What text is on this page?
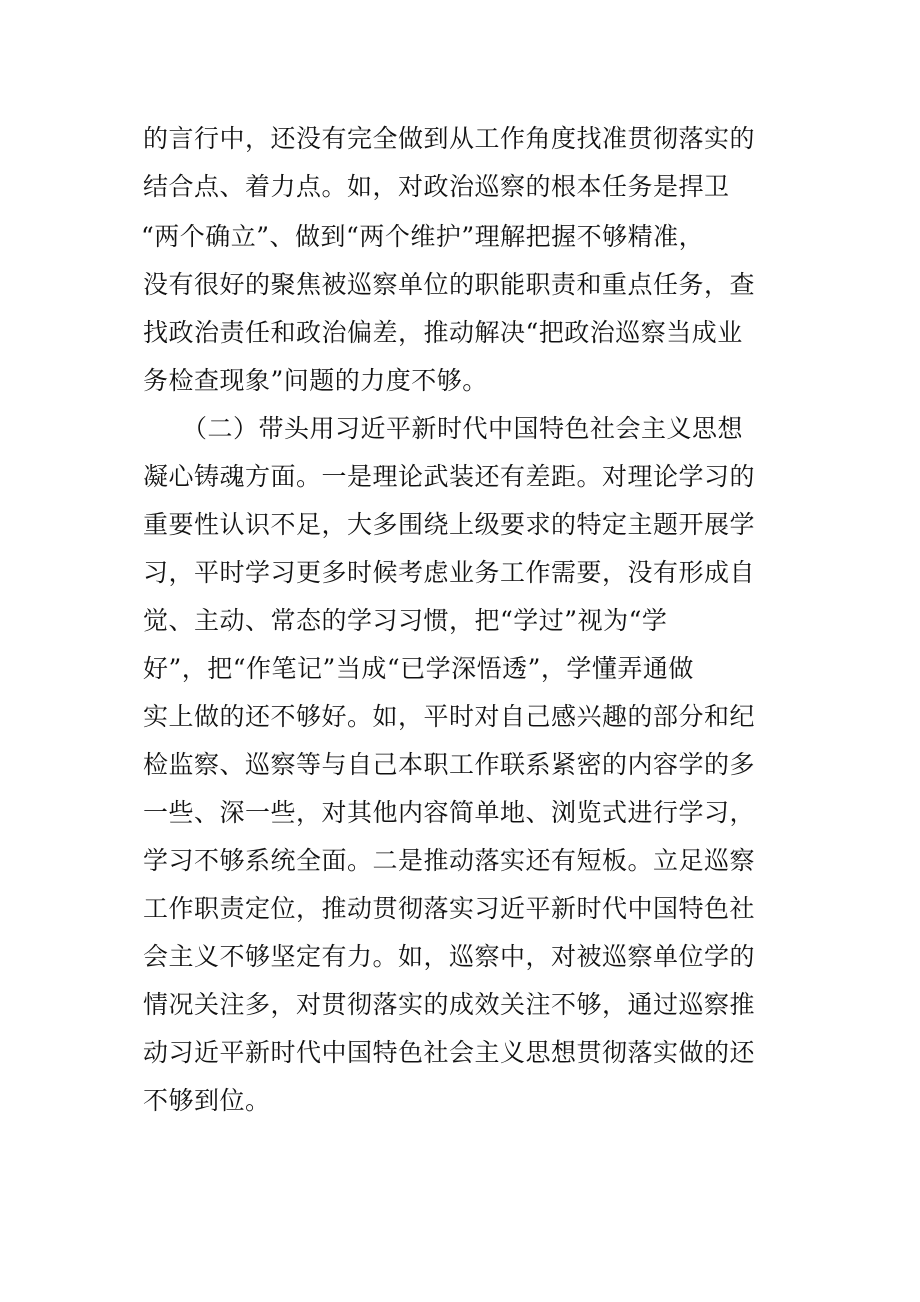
的言行中，还没有完全做到从工作角度找准贯彻落实的
结合点、着力点。如，对政治巡察的根本任务是捍卫
“两个确立”、做到“两个维护”理解把握不够精准，
没有很好的聚焦被巡察单位的职能职责和重点任务，查
找政治责任和政治偏差，推动解决“把政治巡察当成业
务检查现象”问题的力度不够。
（二）带头用习近平新时代中国特色社会主义思想
凝心铸魂方面。一是理论武装还有差距。对理论学习的
重要性认识不足，大多围绕上级要求的特定主题开展学
习，平时学习更多时候考虑业务工作需要，没有形成自
觉、主动、常态的学习习惯，把“学过”视为“学
好”，把“作笔记”当成“已学深悟透”，学懂弄通做
实上做的还不够好。如，平时对自己感兴趣的部分和纪
检监察、巡察等与自己本职工作联系紧密的内容学的多
一些、深一些，对其他内容简单地、浏览式进行学习，
学习不够系统全面。二是推动落实还有短板。立足巡察
工作职责定位，推动贯彻落实习近平新时代中国特色社
会主义不够坚定有力。如，巡察中，对被巡察单位学的
情况关注多，对贯彻落实的成效关注不够，通过巡察推
动习近平新时代中国特色社会主义思想贯彻落实做的还
不够到位。
